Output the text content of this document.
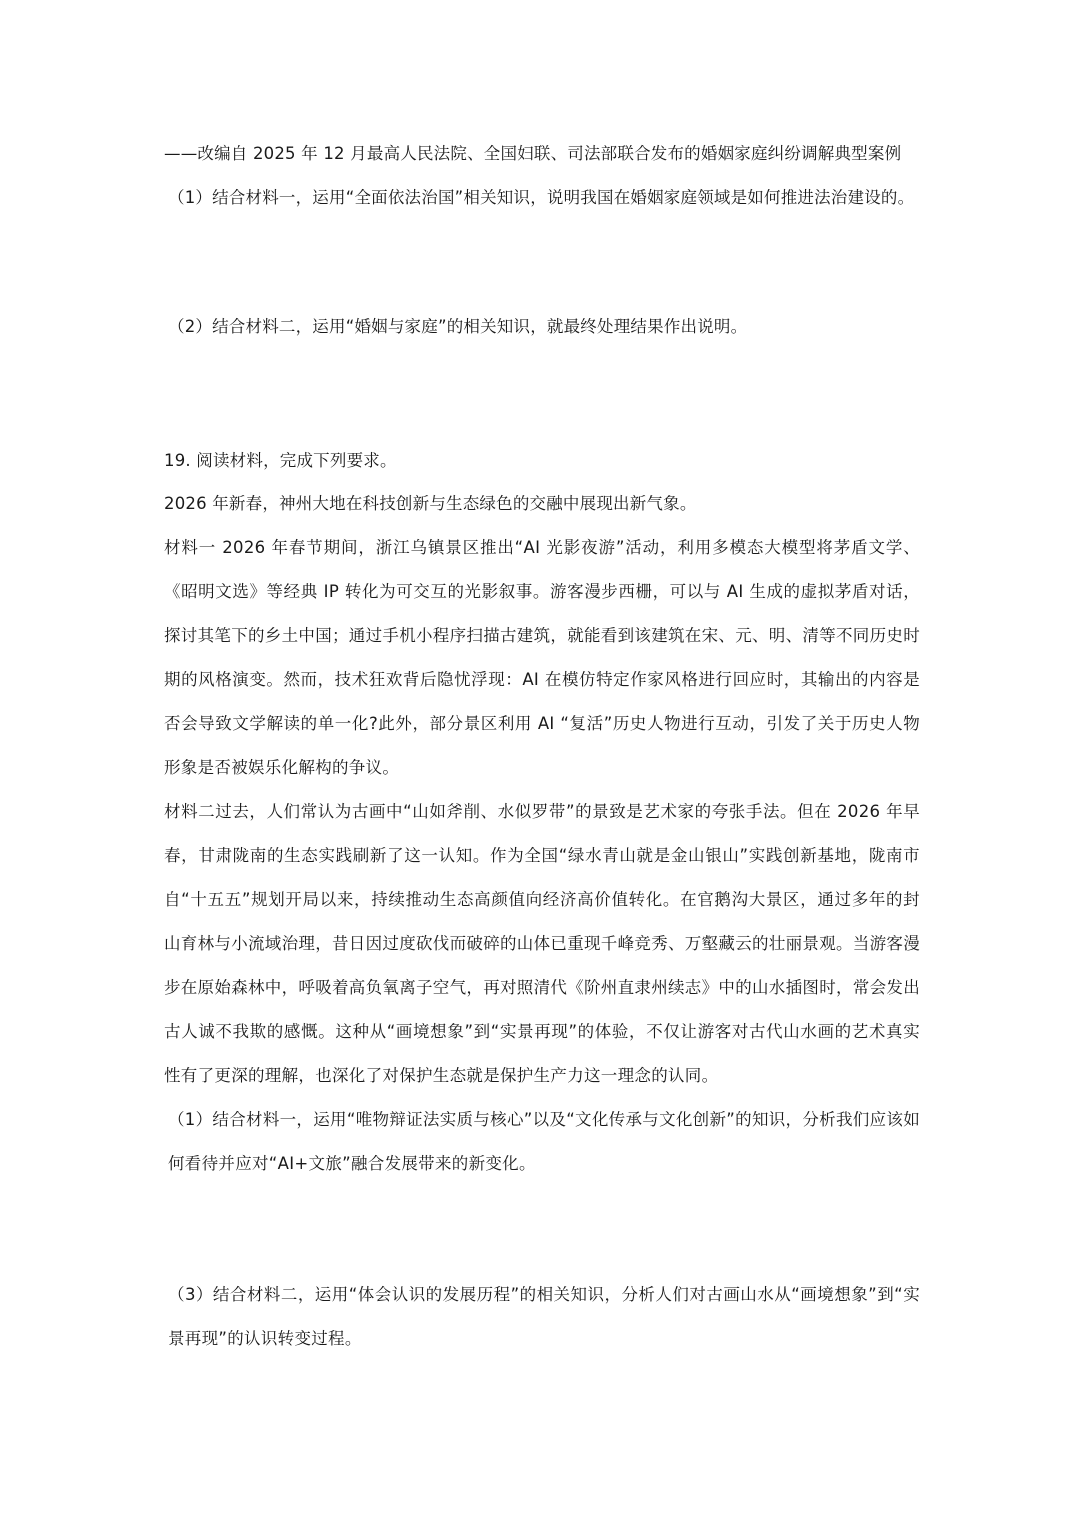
——改编自 2025 年 12 月最高人民法院、全国妇联、司法部联合发布的婚姻家庭纠纷调解典型案例
（1）结合材料一，运用“全面依法治国”相关知识，说明我国在婚姻家庭领域是如何推进法治建设的。
（2）结合材料二，运用“婚姻与家庭”的相关知识，就最终处理结果作出说明。
19. 阅读材料，完成下列要求。
2026 年新春，神州大地在科技创新与生态绿色的交融中展现出新气象。
材料一 2026 年春节期间，浙江乌镇景区推出“AI 光影夜游”活动，利用多模态大模型将茅盾文学、《昭明文选》等经典 IP 转化为可交互的光影叙事。游客漫步西栅，可以与 AI 生成的虚拟茅盾对话，探讨其笔下的乡土中国；通过手机小程序扫描古建筑，就能看到该建筑在宋、元、明、清等不同历史时期的风格演变。然而，技术狂欢背后隐忧浮现：AI 在模仿特定作家风格进行回应时，其输出的内容是否会导致文学解读的单一化?此外，部分景区利用 AI “复活”历史人物进行互动，引发了关于历史人物形象是否被娱乐化解构的争议。
材料二过去，人们常认为古画中“山如斧削、水似罗带”的景致是艺术家的夸张手法。但在 2026 年早春，甘肃陇南的生态实践刷新了这一认知。作为全国“绿水青山就是金山银山”实践创新基地，陇南市自“十五五”规划开局以来，持续推动生态高颜值向经济高价值转化。在官鹅沟大景区，通过多年的封山育林与小流域治理，昔日因过度砍伐而破碎的山体已重现千峰竞秀、万壑藏云的壮丽景观。当游客漫步在原始森林中，呼吸着高负氧离子空气，再对照清代《阶州直隶州续志》中的山水插图时，常会发出古人诚不我欺的感慨。这种从“画境想象”到“实景再现”的体验，不仅让游客对古代山水画的艺术真实性有了更深的理解，也深化了对保护生态就是保护生产力这一理念的认同。
（1）结合材料一，运用“唯物辩证法实质与核心”以及“文化传承与文化创新”的知识，分析我们应该如何看待并应对“AI+文旅”融合发展带来的新变化。
（3）结合材料二，运用“体会认识的发展历程”的相关知识，分析人们对古画山水从“画境想象”到“实景再现”的认识转变过程。
